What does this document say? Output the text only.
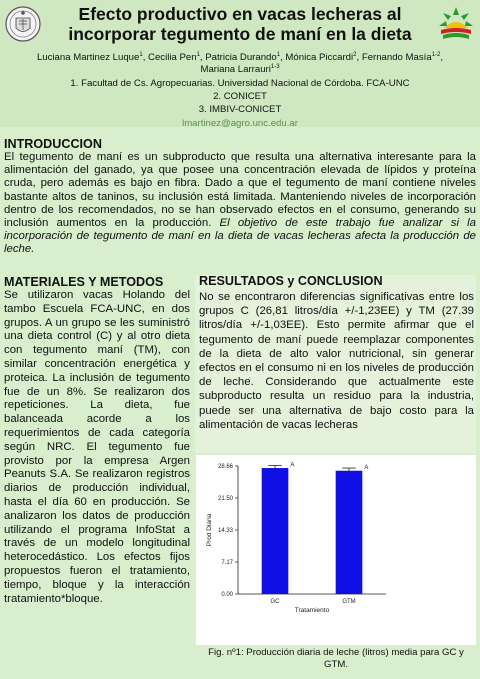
Efecto productivo en vacas lecheras al
incorporar tegumento de maní en la dieta
Luciana Martinez Luque$^1$, Cecilia Pen$^1$, Patricia Durando$^1$, Mónica Piccardi$^2$, Fernando Masía$^{1-2}$,
Mariana Larrauri$^{1-3}$
1. Facultad de Cs. Agropecuarias. Universidad Nacional de Córdoba. FCA-UNC
2. CONICET
3. IMBIV-CONICET
lmartinez@agro.unc.edu.ar
INTRODUCCION

El tegumento de maní es un subproducto que resulta una alternativa interesante para la alimentación del ganado, ya que posee una concentración elevada de lípidos y proteína cruda, pero además es bajo en fibra. Dado a que el tegumento de maní contiene niveles bastante altos de taninos, su inclusión está limitada. Manteniendo niveles de incorporación dentro de los recomendados, no se han observado efectos en el consumo, generando su inclusión aumentos en la producción. El objetivo de este trabajo fue analizar si la incorporación de tegumento de maní en la dieta de vacas lecheras afecta la producción de leche.

MATERIALES Y METODOS

Se utilizaron vacas Holando del tambo Escuela FCA-UNC, en dos grupos. A un grupo se les suministró una dieta control (C) y al otro dieta con tegumento maní (TM), con similar concentración energética y proteica. La inclusión de tegumento fue de un 8%. Se realizaron dos repeticiones. La dieta, fue balanceada acorde a los requerimientos de cada categoría según NRC. El tegumento fue provisto por la empresa Argen Peanuts S.A. Se realizaron registros diarios de producción individual, hasta el día 60 en producción. Se analizaron los datos de producción utilizando el programa InfoStat a través de un modelo longitudinal heterocedástico. Los efectos fijos propuestos fueron el tratamiento, tiempo, bloque y la interacción tratamiento*bloque.

RESULTADOS y CONCLUSION
No se encontraron diferencias significativas entre los grupos C (26,81 litros/día +/-1,23EE) y TM (27.39 litros/día +/-1,03EE). Esto permite afirmar que el tegumento de maní puede reemplazar componentes de la dieta de alto valor nutricional, sin generar efectos en el consumo ni en los niveles de producción de leche. Considerando que actualmente este subproducto resulta un residuo para la industria, puede ser una alternativa de bajo costo para la alimentación de vacas lecheras
0.00
7.17
14.33
21.50
28.66	A
GC
A
GTM
Prod Diaria
Tratamiento
Fig. nº1: Producción diaria de leche (litros) media para GC y GTM.
